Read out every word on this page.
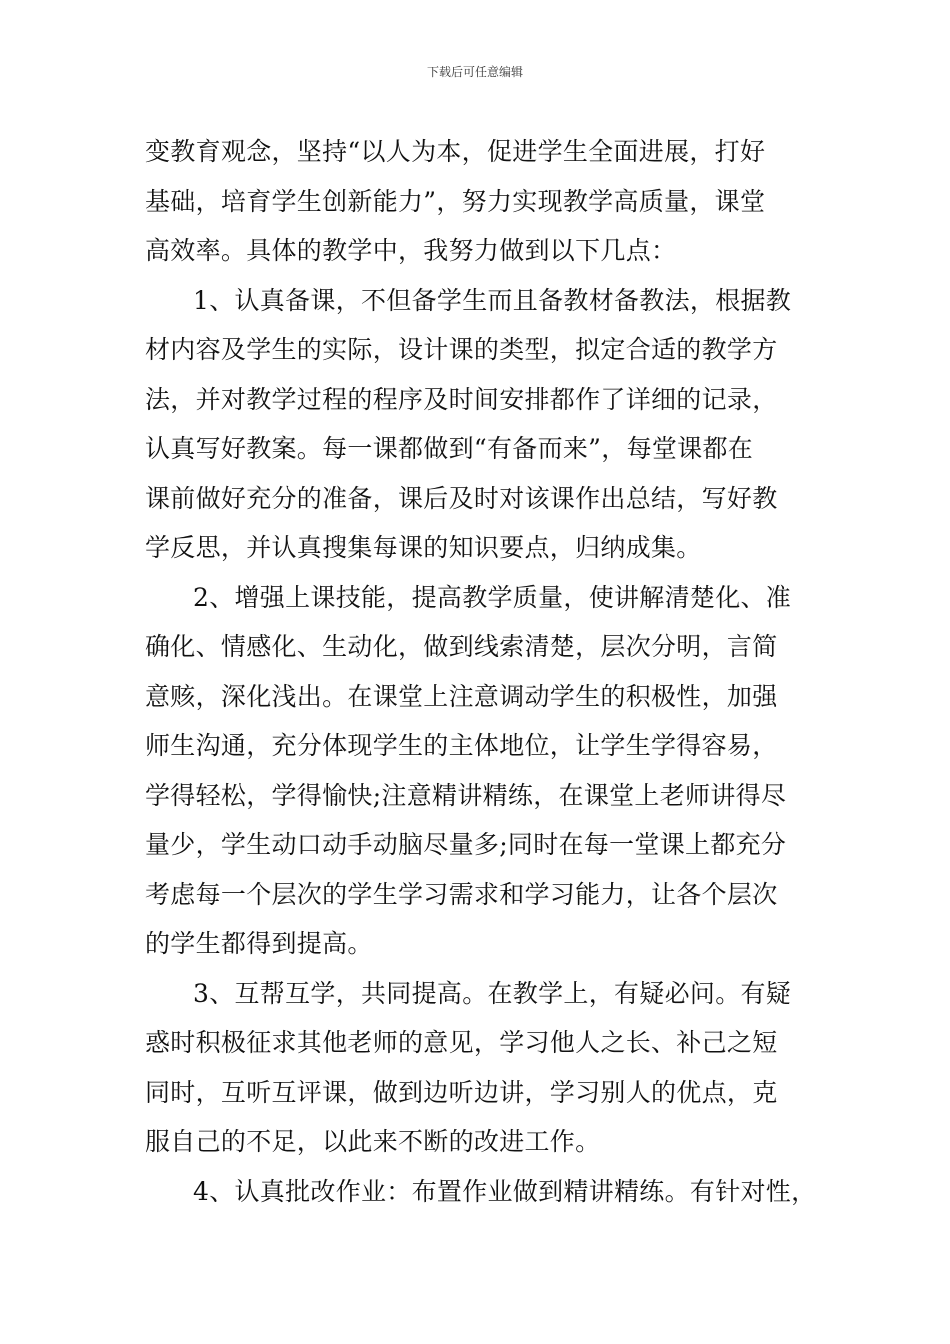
下载后可任意编辑
变教育观念，坚持“以人为本，促进学生全面进展，打好
基础，培育学生创新能力”，努力实现教学高质量，课堂
高效率。具体的教学中，我努力做到以下几点：
1、认真备课，不但备学生而且备教材备教法，根据教
材内容及学生的实际，设计课的类型，拟定合适的教学方
法，并对教学过程的程序及时间安排都作了详细的记录，
认真写好教案。每一课都做到“有备而来”，每堂课都在
课前做好充分的准备，课后及时对该课作出总结，写好教
学反思，并认真搜集每课的知识要点，归纳成集。
2、增强上课技能，提高教学质量，使讲解清楚化、准
确化、情感化、生动化，做到线索清楚，层次分明，言简
意赅，深化浅出。在课堂上注意调动学生的积极性，加强
师生沟通，充分体现学生的主体地位，让学生学得容易，
学得轻松，学得愉快;注意精讲精练，在课堂上老师讲得尽
量少，学生动口动手动脑尽量多;同时在每一堂课上都充分
考虑每一个层次的学生学习需求和学习能力，让各个层次
的学生都得到提高。
3、互帮互学，共同提高。在教学上，有疑必问。有疑
惑时积极征求其他老师的意见，学习他人之长、补己之短
同时，互听互评课，做到边听边讲，学习别人的优点，克
服自己的不足，以此来不断的改进工作。
4、认真批改作业：布置作业做到精讲精练。有针对性，
